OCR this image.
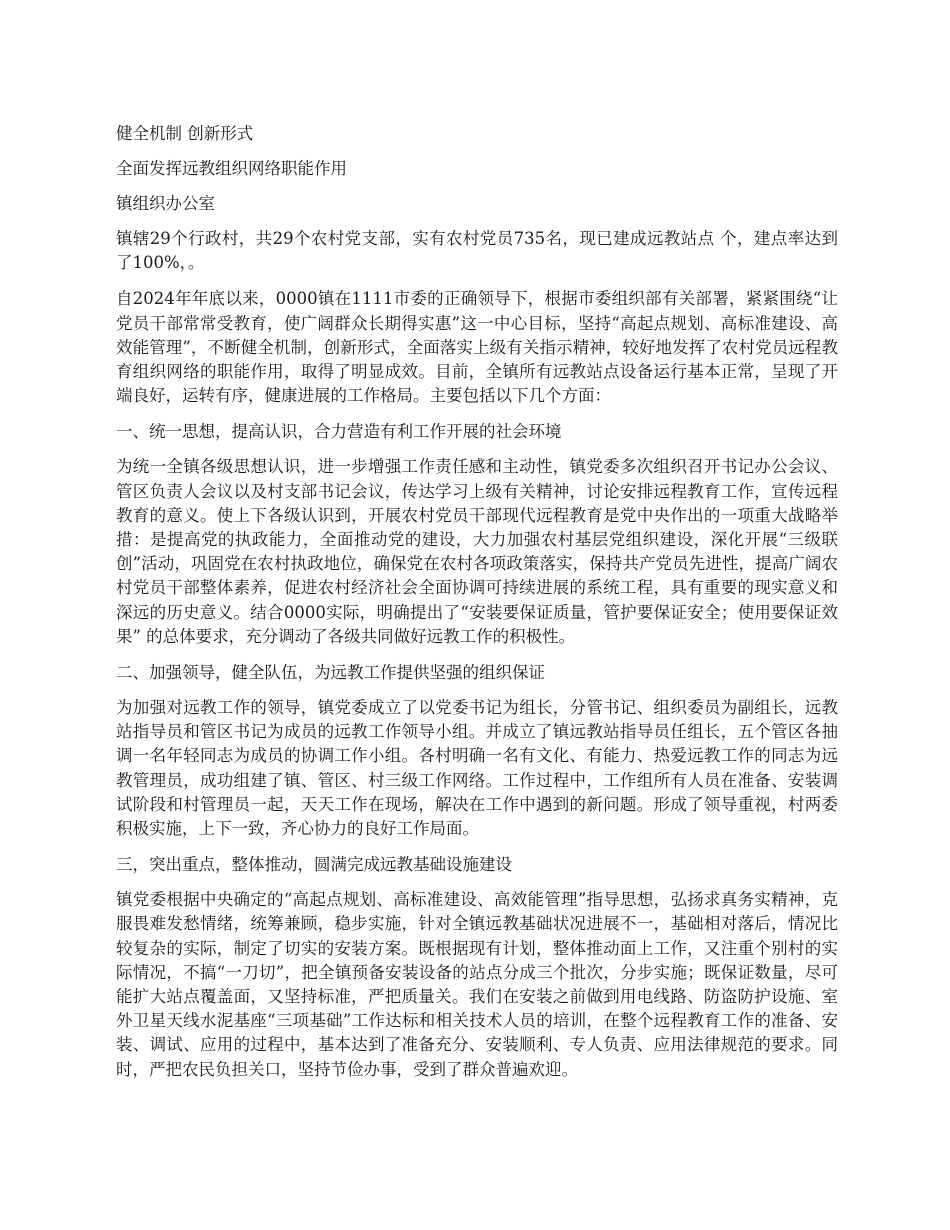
健全机制 创新形式

全面发挥远教组织网络职能作用

镇组织办公室

镇辖29个行政村，共29个农村党支部，实有农村党员735名，现已建成远教站点 个，建点率达到了100%，。

自2024年年底以来，0000镇在1111市委的正确领导下，根据市委组织部有关部署，紧紧围绕“让党员干部常常受教育，使广阔群众长期得实惠”这一中心目标，坚持“高起点规划、高标准建设、高效能管理”，不断健全机制，创新形式，全面落实上级有关指示精神，较好地发挥了农村党员远程教育组织网络的职能作用，取得了明显成效。目前，全镇所有远教站点设备运行基本正常，呈现了开端良好，运转有序，健康进展的工作格局。主要包括以下几个方面：

一、统一思想，提高认识，合力营造有利工作开展的社会环境

为统一全镇各级思想认识，进一步增强工作责任感和主动性，镇党委多次组织召开书记办公会议、管区负责人会议以及村支部书记会议，传达学习上级有关精神，讨论安排远程教育工作，宣传远程教育的意义。使上下各级认识到，开展农村党员干部现代远程教育是党中央作出的一项重大战略举措：是提高党的执政能力，全面推动党的建设，大力加强农村基层党组织建设，深化开展“三级联创”活动，巩固党在农村执政地位，确保党在农村各项政策落实，保持共产党员先进性，提高广阔农村党员干部整体素养，促进农村经济社会全面协调可持续进展的系统工程，具有重要的现实意义和深远的历史意义。结合0000实际，明确提出了“安装要保证质量，管护要保证安全；使用要保证效果” 的总体要求，充分调动了各级共同做好远教工作的积极性。

二、加强领导，健全队伍，为远教工作提供坚强的组织保证

为加强对远教工作的领导，镇党委成立了以党委书记为组长，分管书记、组织委员为副组长，远教站指导员和管区书记为成员的远教工作领导小组。并成立了镇远教站指导员任组长，五个管区各抽调一名年轻同志为成员的协调工作小组。各村明确一名有文化、有能力、热爱远教工作的同志为远教管理员，成功组建了镇、管区、村三级工作网络。工作过程中，工作组所有人员在准备、安装调试阶段和村管理员一起，天天工作在现场，解决在工作中遇到的新问题。形成了领导重视，村两委积极实施，上下一致，齐心协力的良好工作局面。

三，突出重点，整体推动，圆满完成远教基础设施建设

镇党委根据中央确定的“高起点规划、高标准建设、高效能管理”指导思想，弘扬求真务实精神，克服畏难发愁情绪，统筹兼顾，稳步实施，针对全镇远教基础状况进展不一，基础相对落后，情况比较复杂的实际，制定了切实的安装方案。既根据现有计划，整体推动面上工作，又注重个别村的实际情况，不搞“一刀切”，把全镇预备安装设备的站点分成三个批次，分步实施；既保证数量，尽可能扩大站点覆盖面，又坚持标准，严把质量关。我们在安装之前做到用电线路、防盗防护设施、室外卫星天线水泥基座“三项基础”工作达标和相关技术人员的培训，在整个远程教育工作的准备、安装、调试、应用的过程中，基本达到了准备充分、安装顺利、专人负责、应用法律规范的要求。同时，严把农民负担关口，坚持节俭办事，受到了群众普遍欢迎。
